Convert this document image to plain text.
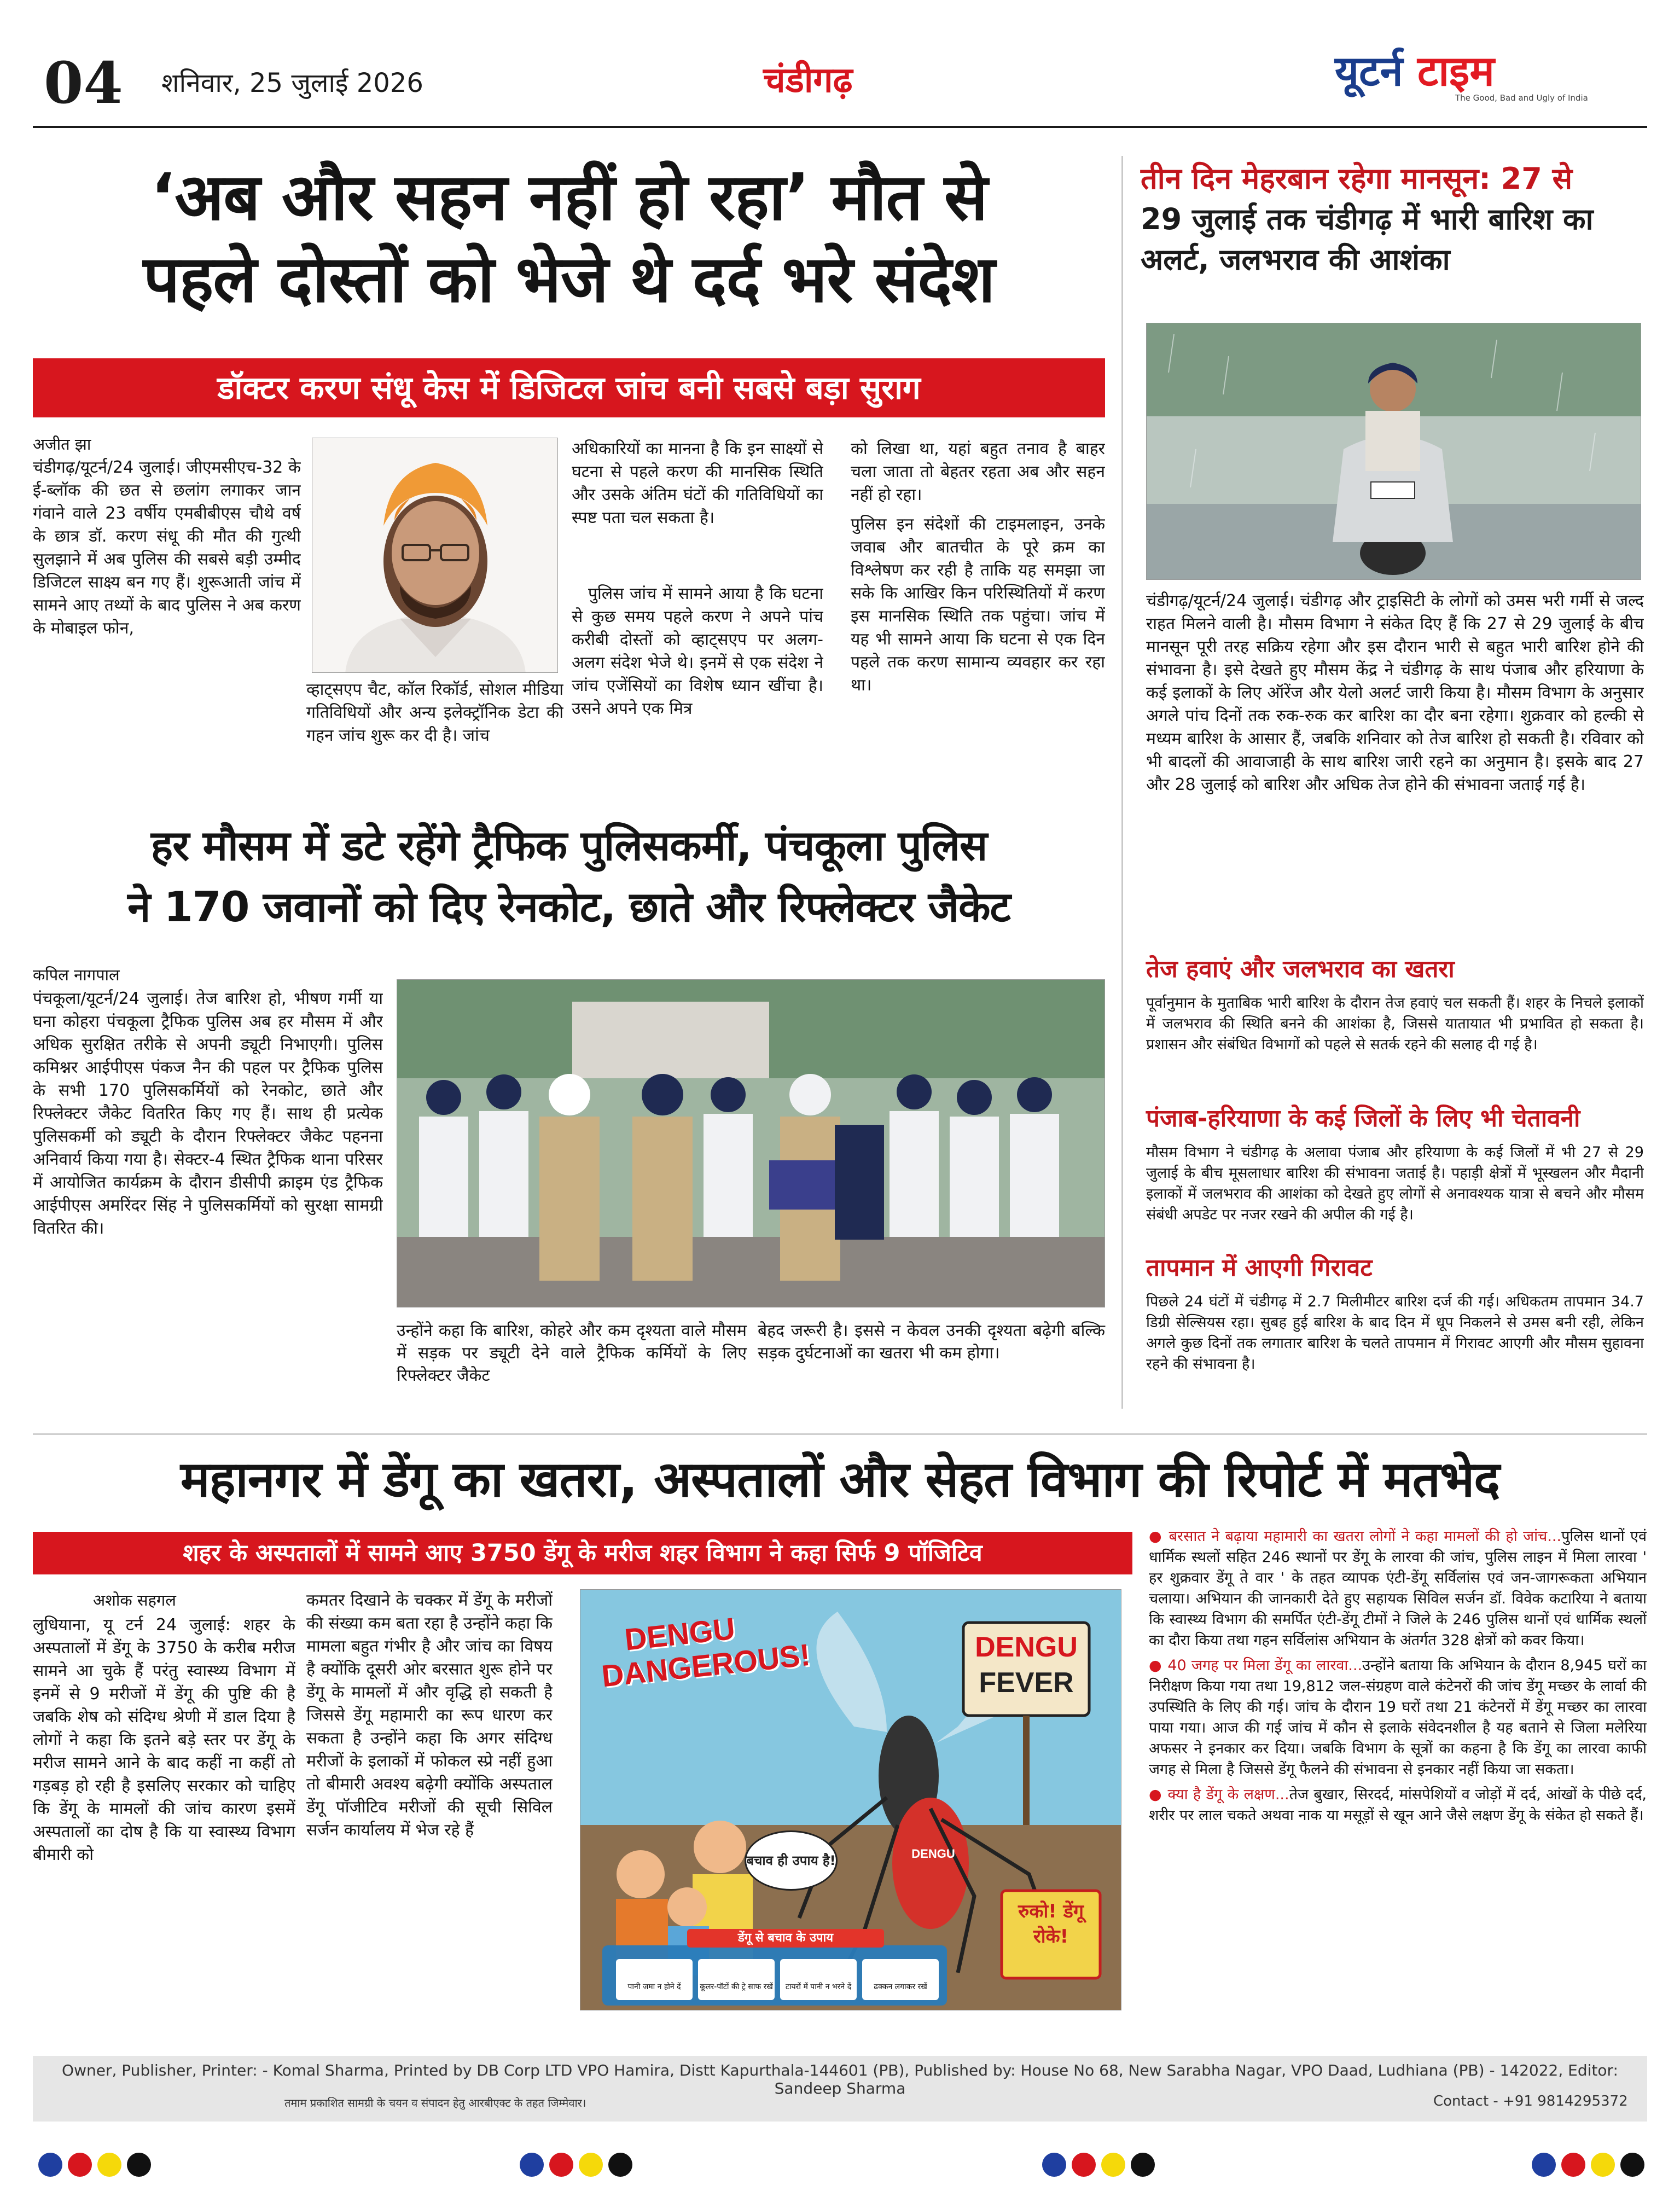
04 शनिवार, 25 जुलाई 2026	चंडीगढ़	यूटर्न टाइम
The Good, Bad and Ugly of India
‘अब और सहन नहीं हो रहा’ मौत से
पहले दोस्तों को भेजे थे दर्द भरे संदेश
डॉक्टर करण संधू केस में डिजिटल जांच बनी सबसे बड़ा सुराग
अजीत झा
चंडीगढ़/यूटर्न/24 जुलाई। जीएमसीएच-32 के ई-ब्लॉक की छत से छलांग लगाकर जान गंवाने वाले 23 वर्षीय एमबीबीएस चौथे वर्ष के छात्र डॉ. करण संधू की मौत की गुत्थी सुलझाने में अब पुलिस की सबसे बड़ी उम्मीद डिजिटल साक्ष्य बन गए हैं। शुरूआती जांच में सामने आए तथ्यों के बाद पुलिस ने अब करण के मोबाइल फोन,
व्हाट्सएप चैट, कॉल रिकॉर्ड, सोशल मीडिया गतिविधियों और अन्य इलेक्ट्रॉनिक डेटा की गहन जांच शुरू कर दी है। जांच
अधिकारियों का मानना है कि इन साक्ष्यों से घटना से पहले करण की मानसिक स्थिति और उसके अंतिम घंटों की गतिविधियों का स्पष्ट पता चल सकता है।
पुलिस जांच में सामने आया है कि घटना से कुछ समय पहले करण ने अपने पांच करीबी दोस्तों को व्हाट्सएप पर अलग-अलग संदेश भेजे थे। इनमें से एक संदेश ने जांच एजेंसियों का विशेष ध्यान खींचा है। उसने अपने एक मित्र
को लिखा था, यहां बहुत तनाव है बाहर चला जाता तो बेहतर रहता अब और सहन नहीं हो रहा।
पुलिस इन संदेशों की टाइमलाइन, उनके जवाब और बातचीत के पूरे क्रम का विश्लेषण कर रही है ताकि यह समझा जा सके कि आखिर किन परिस्थितियों में करण इस मानसिक स्थिति तक पहुंचा। जांच में यह भी सामने आया कि घटना से एक दिन पहले तक करण सामान्य व्यवहार कर रहा था।
हर मौसम में डटे रहेंगे ट्रैफिक पुलिसकर्मी, पंचकूला पुलिस
ने 170 जवानों को दिए रेनकोट, छाते और रिफ्लेक्टर जैकेट
कपिल नागपाल
पंचकूला/यूटर्न/24 जुलाई। तेज बारिश हो, भीषण गर्मी या घना कोहरा पंचकूला ट्रैफिक पुलिस अब हर मौसम में और अधिक सुरक्षित तरीके से अपनी ड्यूटी निभाएगी। पुलिस कमिश्नर आईपीएस पंकज नैन की पहल पर ट्रैफिक पुलिस के सभी 170 पुलिसकर्मियों को रेनकोट, छाते और रिफ्लेक्टर जैकेट वितरित किए गए हैं। साथ ही प्रत्येक पुलिसकर्मी को ड्यूटी के दौरान रिफ्लेक्टर जैकेट पहनना अनिवार्य किया गया है। सेक्टर-4 स्थित ट्रैफिक थाना परिसर में आयोजित कार्यक्रम के दौरान डीसीपी क्राइम एंड ट्रैफिक आईपीएस अमरिंदर सिंह ने पुलिसकर्मियों को सुरक्षा सामग्री वितरित की।
उन्होंने कहा कि बारिश, कोहरे और कम दृश्यता वाले मौसम में सड़क पर ड्यूटी देने वाले ट्रैफिक कर्मियों के लिए रिफ्लेक्टर जैकेट
बेहद जरूरी है। इससे न केवल उनकी दृश्यता बढ़ेगी बल्कि सड़क दुर्घटनाओं का खतरा भी कम होगा।
तीन दिन मेहरबान रहेगा मानसून: 27 से
29 जुलाई तक चंडीगढ़ में भारी बारिश का
अलर्ट, जलभराव की आशंका
चंडीगढ़/यूटर्न/24 जुलाई। चंडीगढ़ और ट्राइसिटी के लोगों को उमस भरी गर्मी से जल्द राहत मिलने वाली है। मौसम विभाग ने संकेत दिए हैं कि 27 से 29 जुलाई के बीच मानसून पूरी तरह सक्रिय रहेगा और इस दौरान भारी से बहुत भारी बारिश होने की संभावना है। इसे देखते हुए मौसम केंद्र ने चंडीगढ़ के साथ पंजाब और हरियाणा के कई इलाकों के लिए ऑरेंज और येलो अलर्ट जारी किया है। मौसम विभाग के अनुसार अगले पांच दिनों तक रुक-रुक कर बारिश का दौर बना रहेगा। शुक्रवार को हल्की से मध्यम बारिश के आसार हैं, जबकि शनिवार को तेज बारिश हो सकती है। रविवार को भी बादलों की आवाजाही के साथ बारिश जारी रहने का अनुमान है। इसके बाद 27 और 28 जुलाई को बारिश और अधिक तेज होने की संभावना जताई गई है।
तेज हवाएं और जलभराव का खतरा
पूर्वानुमान के मुताबिक भारी बारिश के दौरान तेज हवाएं चल सकती हैं। शहर के निचले इलाकों में जलभराव की स्थिति बनने की आशंका है, जिससे यातायात भी प्रभावित हो सकता है। प्रशासन और संबंधित विभागों को पहले से सतर्क रहने की सलाह दी गई है।
पंजाब-हरियाणा के कई जिलों के लिए भी चेतावनी
मौसम विभाग ने चंडीगढ़ के अलावा पंजाब और हरियाणा के कई जिलों में भी 27 से 29 जुलाई के बीच मूसलाधार बारिश की संभावना जताई है। पहाड़ी क्षेत्रों में भूस्खलन और मैदानी इलाकों में जलभराव की आशंका को देखते हुए लोगों से अनावश्यक यात्रा से बचने और मौसम संबंधी अपडेट पर नजर रखने की अपील की गई है।
तापमान में आएगी गिरावट
पिछले 24 घंटों में चंडीगढ़ में 2.7 मिलीमीटर बारिश दर्ज की गई। अधिकतम तापमान 34.7 डिग्री सेल्सियस रहा। सुबह हुई बारिश के बाद दिन में धूप निकलने से उमस बनी रही, लेकिन अगले कुछ दिनों तक लगातार बारिश के चलते तापमान में गिरावट आएगी और मौसम सुहावना रहने की संभावना है।
महानगर में डेंगू का खतरा, अस्पतालों और सेहत विभाग की रिपोर्ट में मतभेद
शहर के अस्पतालों में सामने आए 3750 डेंगू के मरीज शहर विभाग ने कहा सिर्फ 9 पॉजिटिव
अशोक सहगल
लुधियाना, यू टर्न 24 जुलाई: शहर के अस्पतालों में डेंगू के 3750 के करीब मरीज सामने आ चुके हैं परंतु स्वास्थ्य विभाग में इनमें से 9 मरीजों में डेंगू की पुष्टि की है जबकि शेष को संदिग्ध श्रेणी में डाल दिया है लोगों ने कहा कि इतने बड़े स्तर पर डेंगू के मरीज सामने आने के बाद कहीं ना कहीं तो गड़बड़ हो रही है इसलिए सरकार को चाहिए कि डेंगू के मामलों की जांच कारण इसमें अस्पतालों का दोष है कि या स्वास्थ्य विभाग बीमारी को
कमतर दिखाने के चक्कर में डेंगू के मरीजों की संख्या कम बता रहा है उन्होंने कहा कि मामला बहुत गंभीर है और जांच का विषय है क्योंकि दूसरी ओर बरसात शुरू होने पर डेंगू के मामलों में और वृद्धि हो सकती है जिससे डेंगू महामारी का रूप धारण कर सकता है उन्होंने कहा कि अगर संदिग्ध मरीजों के इलाकों में फोकल स्प्रे नहीं हुआ तो बीमारी अवश्य बढ़ेगी क्योंकि अस्पताल डेंगू पॉजीटिव मरीजों की सूची सिविल सर्जन कार्यालय में भेज रहे हैं
DENGU DANGEROUS!	DENGU
FEVER
DENGU
बचाव ही उपाय है!
रुको! डेंगू रोके!
डेंगू से बचाव के उपाय
पानी जमा न होने दें	कूलर-पॉटों की ट्रे साफ रखें	टायरों में पानी न भरने दें	ढक्कन लगाकर रखें
● बरसात ने बढ़ाया महामारी का खतरा लोगों ने कहा मामलों की हो जांच...पुलिस थानों एवं धार्मिक स्थलों सहित 246 स्थानों पर डेंगू के लारवा की जांच, पुलिस लाइन में मिला लारवा ' हर शुक्रवार डेंगू ते वार ' के तहत व्यापक एंटी-डेंगू सर्विलांस एवं जन-जागरूकता अभियान चलाया। अभियान की जानकारी देते हुए सहायक सिविल सर्जन डॉ. विवेक कटारिया ने बताया कि स्वास्थ्य विभाग की समर्पित एंटी-डेंगू टीमों ने जिले के 246 पुलिस थानों एवं धार्मिक स्थलों का दौरा किया तथा गहन सर्विलांस अभियान के अंतर्गत 328 क्षेत्रों को कवर किया।
● 40 जगह पर मिला डेंगू का लारवा...उन्होंने बताया कि अभियान के दौरान 8,945 घरों का निरीक्षण किया गया तथा 19,812 जल-संग्रहण वाले कंटेनरों की जांच डेंगू मच्छर के लार्वा की उपस्थिति के लिए की गई। जांच के दौरान 19 घरों तथा 21 कंटेनरों में डेंगू मच्छर का लारवा पाया गया। आज की गई जांच में कौन से इलाके संवेदनशील है यह बताने से जिला मलेरिया अफसर ने इनकार कर दिया। जबकि विभाग के सूत्रों का कहना है कि डेंगू का लारवा काफी जगह से मिला है जिससे डेंगू फैलने की संभावना से इनकार नहीं किया जा सकता।
● क्या है डेंगू के लक्षण...तेज बुखार, सिरदर्द, मांसपेशियों व जोड़ों में दर्द, आंखों के पीछे दर्द, शरीर पर लाल चकते अथवा नाक या मसूड़ों से खून आने जैसे लक्षण डेंगू के संकेत हो सकते हैं।
Owner, Publisher, Printer: - Komal Sharma, Printed by DB Corp LTD VPO Hamira, Distt Kapurthala-144601 (PB), Published by: House No 68, New Sarabha Nagar, VPO Daad, Ludhiana (PB) - 142022, Editor: Sandeep Sharma
तमाम प्रकाशित सामग्री के चयन व संपादन हेतु आरबीएक्ट के तहत जिम्मेवार।	Contact - +91 9814295372
